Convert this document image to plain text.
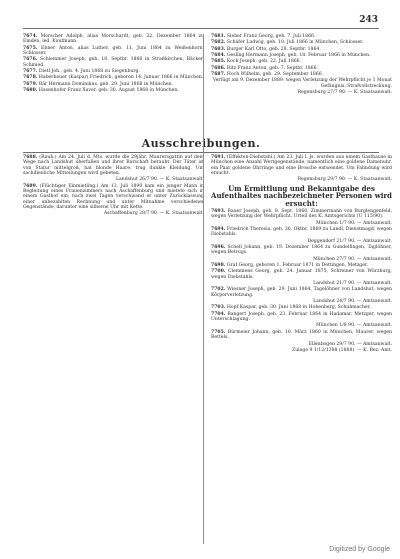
243
7674. Morscher Adolph, alias Morschardt, geb. 22. Dezember 1864 zu Emden, led. Kaufmann.
7675. Ebner Anton, alias Luther, geb. 11. Juni 1864 zu Weißenhorn, Schlosser.
7676. Schlemmer Joseph, geb. 18. Septbr. 1866 in Straßkirchen, Bäcker, Schmied.
7677. Dietl Joh., geb. 4. Juni 1868 zu Siegenburg.
7678. Haberbauer (Kaspar) Friedrich, geboren 14. Januar 1866 in München.
7679. Bär Hermann Dominikus, geb. 29. Juni 1868 in München.
7680. Hasenhofer Franz Xaver, geb. 30. August 1868 in München.
7681. Sieber Franz Georg, geb. 7. Juli 1866.
7682. Schäfer Ludwig, geb. 10. Juli 1866 in München, Schlosser.
7683. Burger Karl Otto, geb. 28. Septbr. 1864.
7684. Gesling Hermann Joseph, geb. 18. Februar 1866 in München.
7685. Koch Joseph, geb. 22. Juli 1866.
7686. Ritz Franz Anton, geb. 7. Septbr. 1866.
7687. Hoch Wilhelm, geb. 29. September 1866.
Verfügt am 9. Dezember 1889: wegen Verletzung der Wehrpflicht je 1 Monat Gefängnis. Strafvollstreckung.
Regensburg 27/7 90. — K. Staatsanwalt.
Ausschreibungen.
7688. (Raub.) Am 24. Juli d. Mts. wurde die 29jähr. Maurersgattin auf dem Wege nach Landshut überfallen und ihrer Barschaft beraubt. Der Täter ist von Statur mittelgroß, hat blonde Haare, trug dunkle Kleidung. Um sachdienliche Mitteilungen wird gebeten.
Landshut 26/7 90. — K. Staatsanwalt.
7689. (Flüchtiger Einmietling.) Am 13. Juli 1890 kam ein junger Mann in Begleitung eines Frauenzimmers nach Aschaffenburg und mietete sich in einem Gasthof ein; nach zwei Tagen verschwand er unter Zurücklassung einer unbezahlten Rechnung und unter Mitnahme verschiedener Gegenstände, darunter eine silberne Uhr mit Kette.
Aschaffenburg 28/7 90. — K. Staatsanwalt.
7691. (Effekten-Diebstahl.) Am 23. Juli l. Js. wurden aus einem Gasthause in München eine Anzahl Wertgegenstände, namentlich eine goldene Damenuhr, ein Paar goldene Ohrringe und eine Brosche entwendet. Um Fahndung wird ersucht.
Regensburg 29/7 90. — K. Staatsanwalt.
Um Ermittlung und Bekanntgabe des Aufenthaltes nachbezeichneter Personen wird ersucht:
7693. Bauer Joseph, geb. 8. Sept. 1866, Zimmermann von Burglengenfeld, wegen Verletzung der Wehrpflicht. Urteil des K. Amtsgerichts (U 115/90).
München 1/7 90. — Amtsanwalt.
7694. Friedrich Theresia, geb. 30. Oktbr. 1869 zu Landl, Dienstmagd, wegen Diebstahls.
Deggendorf 21/7 90. — Amtsanwalt.
7696. Schell Johann, geb. 19. Dezember 1864 zu Gundelfingen, Taglöhner, wegen Betrugs.
München 27/7 90. — Amtsanwalt.
7698. Graf Georg, geboren 1. Februar 1871 in Dettingen, Metzger.
7700. Clemmens Georg, geb. 24. Januar 1875, Schreiner von Würzburg, wegen Diebstahls.
Landshut 21/7 90. — Amtsanwalt.
7702. Wiesner Joseph, geb. 29. Juni 1864, Tagelöhner von Landshut, wegen Körperverletzung.
Landshut 24/7 90. — Amtsanwalt.
7703. Hopf Kaspar, geb. 30. Juni 1868 in Hohenberg, Schuhmacher.
7704. Bangert Joseph, geb. 23. Februar 1864 in Hadamar, Metzger, wegen Unterschlagung.
München 1/8 90. — Amtsanwalt.
7705. Bürmeier Johann, geb. 10. März 1860 in München, Maurer, wegen Bettels.
Ellenbogen 29/7 90. — Amtsanwalt.
Zulage 9 1/12/1388 (1888). — K. Bez.-Amt.
Digitized by Google
